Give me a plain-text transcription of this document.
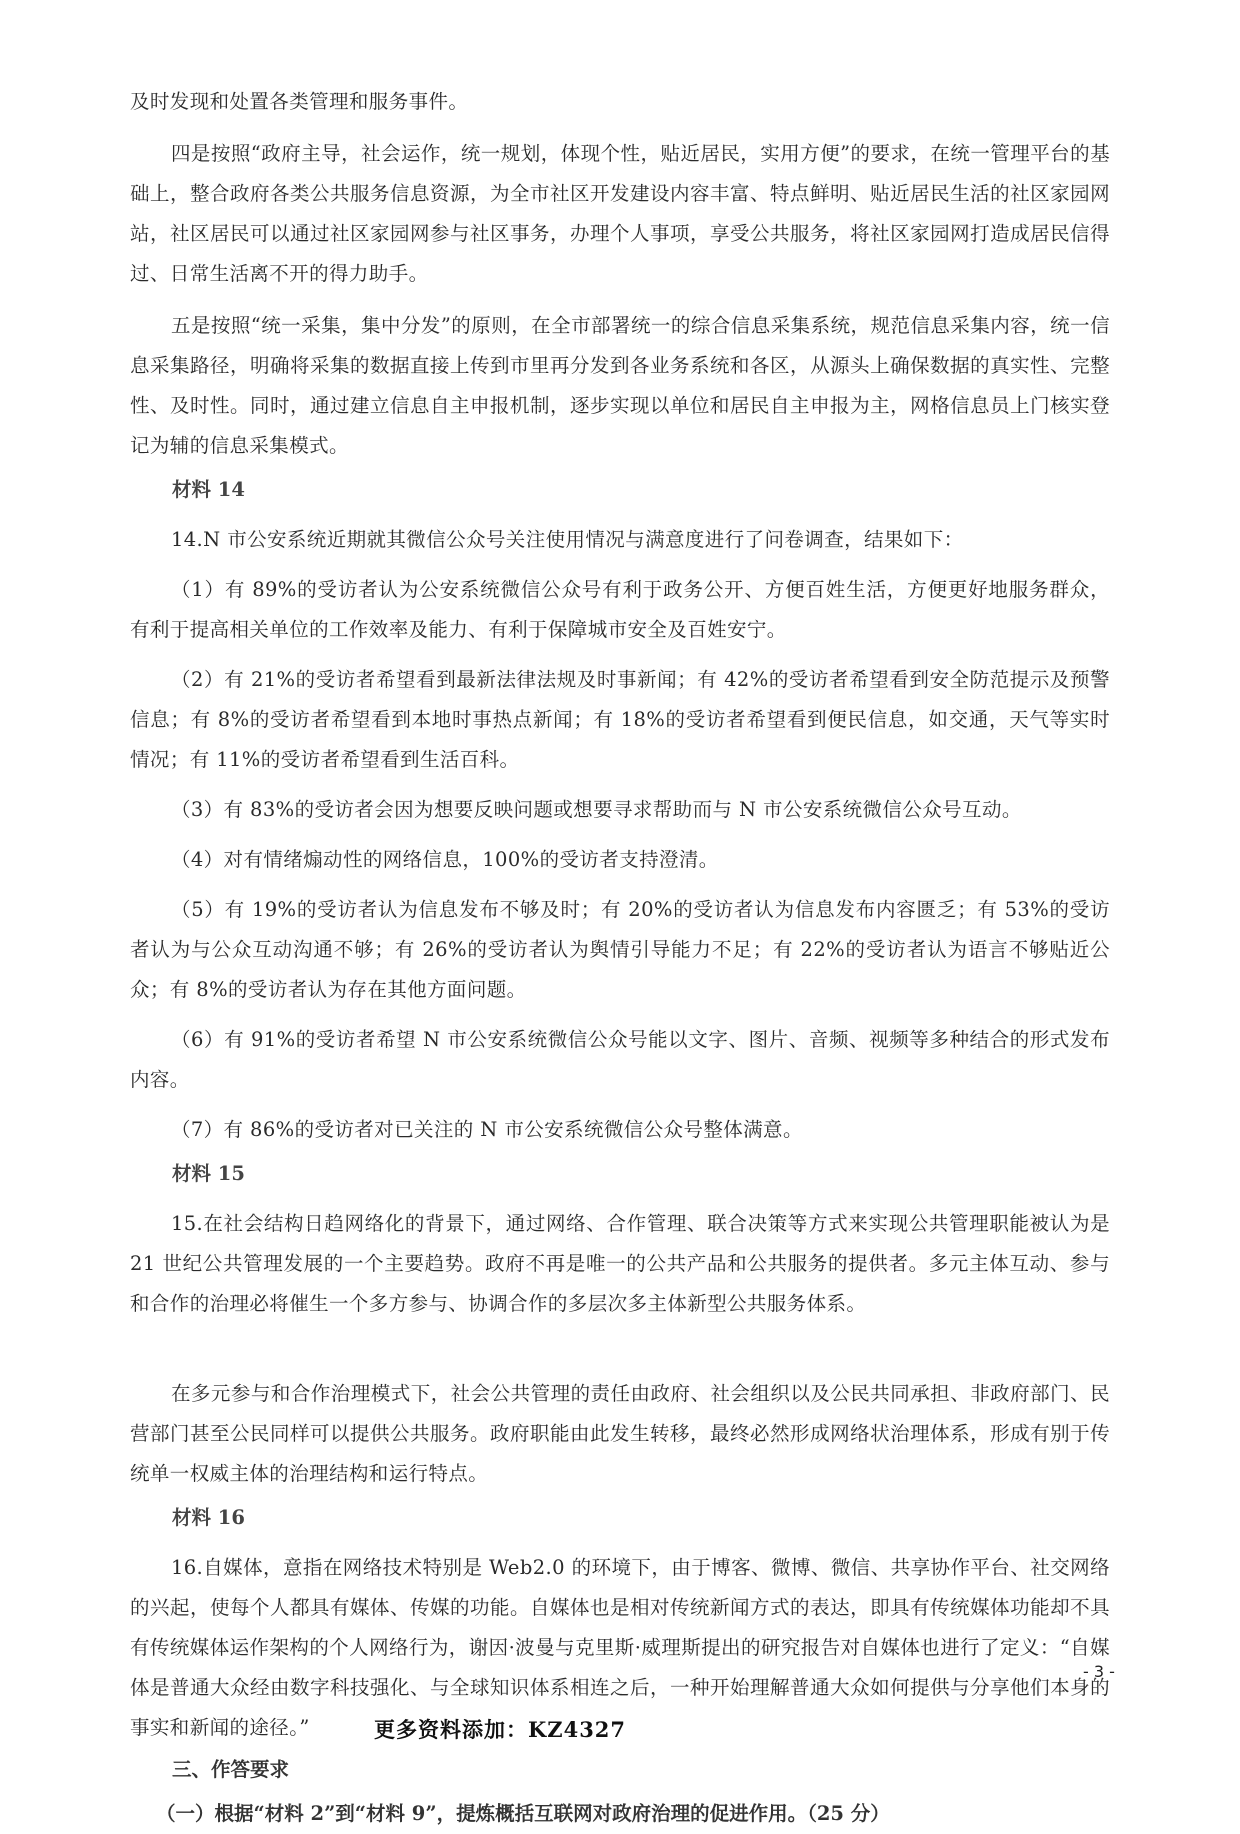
及时发现和处置各类管理和服务事件。

四是按照“政府主导，社会运作，统一规划，体现个性，贴近居民，实用方便”的要求，在统一管理平台的基础上，整合政府各类公共服务信息资源，为全市社区开发建设内容丰富、特点鲜明、贴近居民生活的社区家园网站，社区居民可以通过社区家园网参与社区事务，办理个人事项，享受公共服务，将社区家园网打造成居民信得过、日常生活离不开的得力助手。

五是按照“统一采集，集中分发”的原则，在全市部署统一的综合信息采集系统，规范信息采集内容，统一信息采集路径，明确将采集的数据直接上传到市里再分发到各业务系统和各区，从源头上确保数据的真实性、完整性、及时性。同时，通过建立信息自主申报机制，逐步实现以单位和居民自主申报为主，网格信息员上门核实登记为辅的信息采集模式。

材料 14

14.N 市公安系统近期就其微信公众号关注使用情况与满意度进行了问卷调查，结果如下：

（1）有 89%的受访者认为公安系统微信公众号有利于政务公开、方便百姓生活，方便更好地服务群众，有利于提高相关单位的工作效率及能力、有利于保障城市安全及百姓安宁。

（2）有 21%的受访者希望看到最新法律法规及时事新闻；有 42%的受访者希望看到安全防范提示及预警信息；有 8%的受访者希望看到本地时事热点新闻；有 18%的受访者希望看到便民信息，如交通，天气等实时情况；有 11%的受访者希望看到生活百科。

（3）有 83%的受访者会因为想要反映问题或想要寻求帮助而与 N 市公安系统微信公众号互动。

（4）对有情绪煽动性的网络信息，100%的受访者支持澄清。

（5）有 19%的受访者认为信息发布不够及时；有 20%的受访者认为信息发布内容匮乏；有 53%的受访者认为与公众互动沟通不够；有 26%的受访者认为舆情引导能力不足；有 22%的受访者认为语言不够贴近公众；有 8%的受访者认为存在其他方面问题。

（6）有 91%的受访者希望 N 市公安系统微信公众号能以文字、图片、音频、视频等多种结合的形式发布内容。

（7）有 86%的受访者对已关注的 N 市公安系统微信公众号整体满意。

材料 15

15.在社会结构日趋网络化的背景下，通过网络、合作管理、联合决策等方式来实现公共管理职能被认为是 21 世纪公共管理发展的一个主要趋势。政府不再是唯一的公共产品和公共服务的提供者。多元主体互动、参与和合作的治理必将催生一个多方参与、协调合作的多层次多主体新型公共服务体系。

在多元参与和合作治理模式下，社会公共管理的责任由政府、社会组织以及公民共同承担、非政府部门、民营部门甚至公民同样可以提供公共服务。政府职能由此发生转移，最终必然形成网络状治理体系，形成有别于传统单一权威主体的治理结构和运行特点。

材料 16

16.自媒体，意指在网络技术特别是 Web2.0 的环境下，由于博客、微博、微信、共享协作平台、社交网络的兴起，使每个人都具有媒体、传媒的功能。自媒体也是相对传统新闻方式的表达，即具有传统媒体功能却不具有传统媒体运作架构的个人网络行为，谢因·波曼与克里斯·威理斯提出的研究报告对自媒体也进行了定义：“自媒体是普通大众经由数字科技强化、与全球知识体系相连之后，一种开始理解普通大众如何提供与分享他们本身的事实和新闻的途径。”

三、作答要求
（一）根据“材料 2”到“材料 9”，提炼概括互联网对政府治理的促进作用。（25 分）
- 3 -
更多资料添加：KZ4327
